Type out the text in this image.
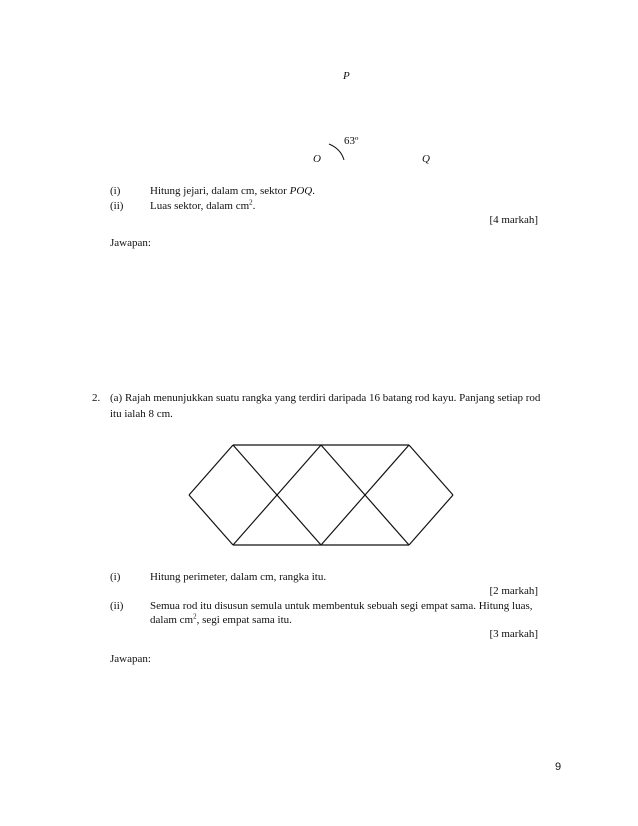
P
63º
O	Q
(i)	Hitung jejari, dalam cm, sektor POQ.
(ii) Luas sektor, dalam $cm^2$.
[4 markah]
Jawapan:
2. (a) Rajah menunjukkan suatu rangka yang terdiri daripada 16 batang rod kayu. Panjang setiap rod
itu ialah 8 cm.
(i)	Hitung perimeter, dalam cm, rangka itu.
[2 markah]
(ii) Semua rod itu disusun semula untuk membentuk sebuah segi empat sama. Hitung luas,
dalam $cm^2$, segi empat sama itu.
[3 markah]
Jawapan:
9
